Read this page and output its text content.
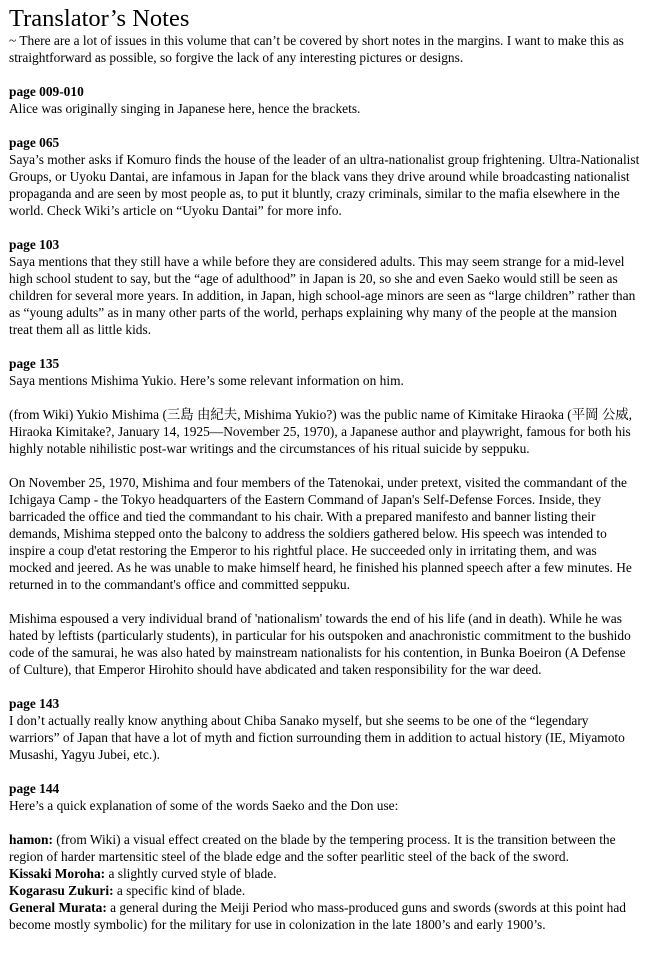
Translator’s Notes

~ There are a lot of issues in this volume that can’t be covered by short notes in the margins. I want to make this as straightforward as possible, so forgive the lack of any interesting pictures or designs.

page 009-010

Alice was originally singing in Japanese here, hence the brackets.

page 065

Saya’s mother asks if Komuro finds the house of the leader of an ultra-nationalist group frightening. Ultra-Nationalist Groups, or Uyoku Dantai, are infamous in Japan for the black vans they drive around while broadcasting nationalist propaganda and are seen by most people as, to put it bluntly, crazy criminals, similar to the mafia elsewhere in the world. Check Wiki’s article on “Uyoku Dantai” for more info.

page 103

Saya mentions that they still have a while before they are considered adults. This may seem strange for a mid-level high school student to say, but the “age of adulthood” in Japan is 20, so she and even Saeko would still be seen as children for several more years. In addition, in Japan, high school-age minors are seen as “large children” rather than as “young adults” as in many other parts of the world, perhaps explaining why many of the people at the mansion treat them all as little kids.

page 135

Saya mentions Mishima Yukio. Here’s some relevant information on him.

(from Wiki) Yukio Mishima (三島 由紀夫, Mishima Yukio?) was the public name of Kimitake Hiraoka (平岡 公威, Hiraoka Kimitake?, January 14, 1925—November 25, 1970), a Japanese author and playwright, famous for both his highly notable nihilistic post-war writings and the circumstances of his ritual suicide by seppuku.

On November 25, 1970, Mishima and four members of the Tatenokai, under pretext, visited the commandant of the Ichigaya Camp - the Tokyo headquarters of the Eastern Command of Japan's Self-Defense Forces. Inside, they barricaded the office and tied the commandant to his chair. With a prepared manifesto and banner listing their demands, Mishima stepped onto the balcony to address the soldiers gathered below. His speech was intended to inspire a coup d'etat restoring the Emperor to his rightful place. He succeeded only in irritating them, and was mocked and jeered. As he was unable to make himself heard, he finished his planned speech after a few minutes. He returned in to the commandant's office and committed seppuku.

Mishima espoused a very individual brand of 'nationalism' towards the end of his life (and in death). While he was hated by leftists (particularly students), in particular for his outspoken and anachronistic commitment to the bushido code of the samurai, he was also hated by mainstream nationalists for his contention, in Bunka Boeiron (A Defense of Culture), that Emperor Hirohito should have abdicated and taken responsibility for the war deed.

page 143

I don’t actually really know anything about Chiba Sanako myself, but she seems to be one of the “legendary warriors” of Japan that have a lot of myth and fiction surrounding them in addition to actual history (IE, Miyamoto Musashi, Yagyu Jubei, etc.).

page 144

Here’s a quick explanation of some of the words Saeko and the Don use:

hamon: (from Wiki) a visual effect created on the blade by the tempering process. It is the transition between the region of harder martensitic steel of the blade edge and the softer pearlitic steel of the back of the sword.

Kissaki Moroha: a slightly curved style of blade.

Kogarasu Zukuri: a specific kind of blade.

General Murata: a general during the Meiji Period who mass-produced guns and swords (swords at this point had become mostly symbolic) for the military for use in colonization in the late 1800’s and early 1900’s.
